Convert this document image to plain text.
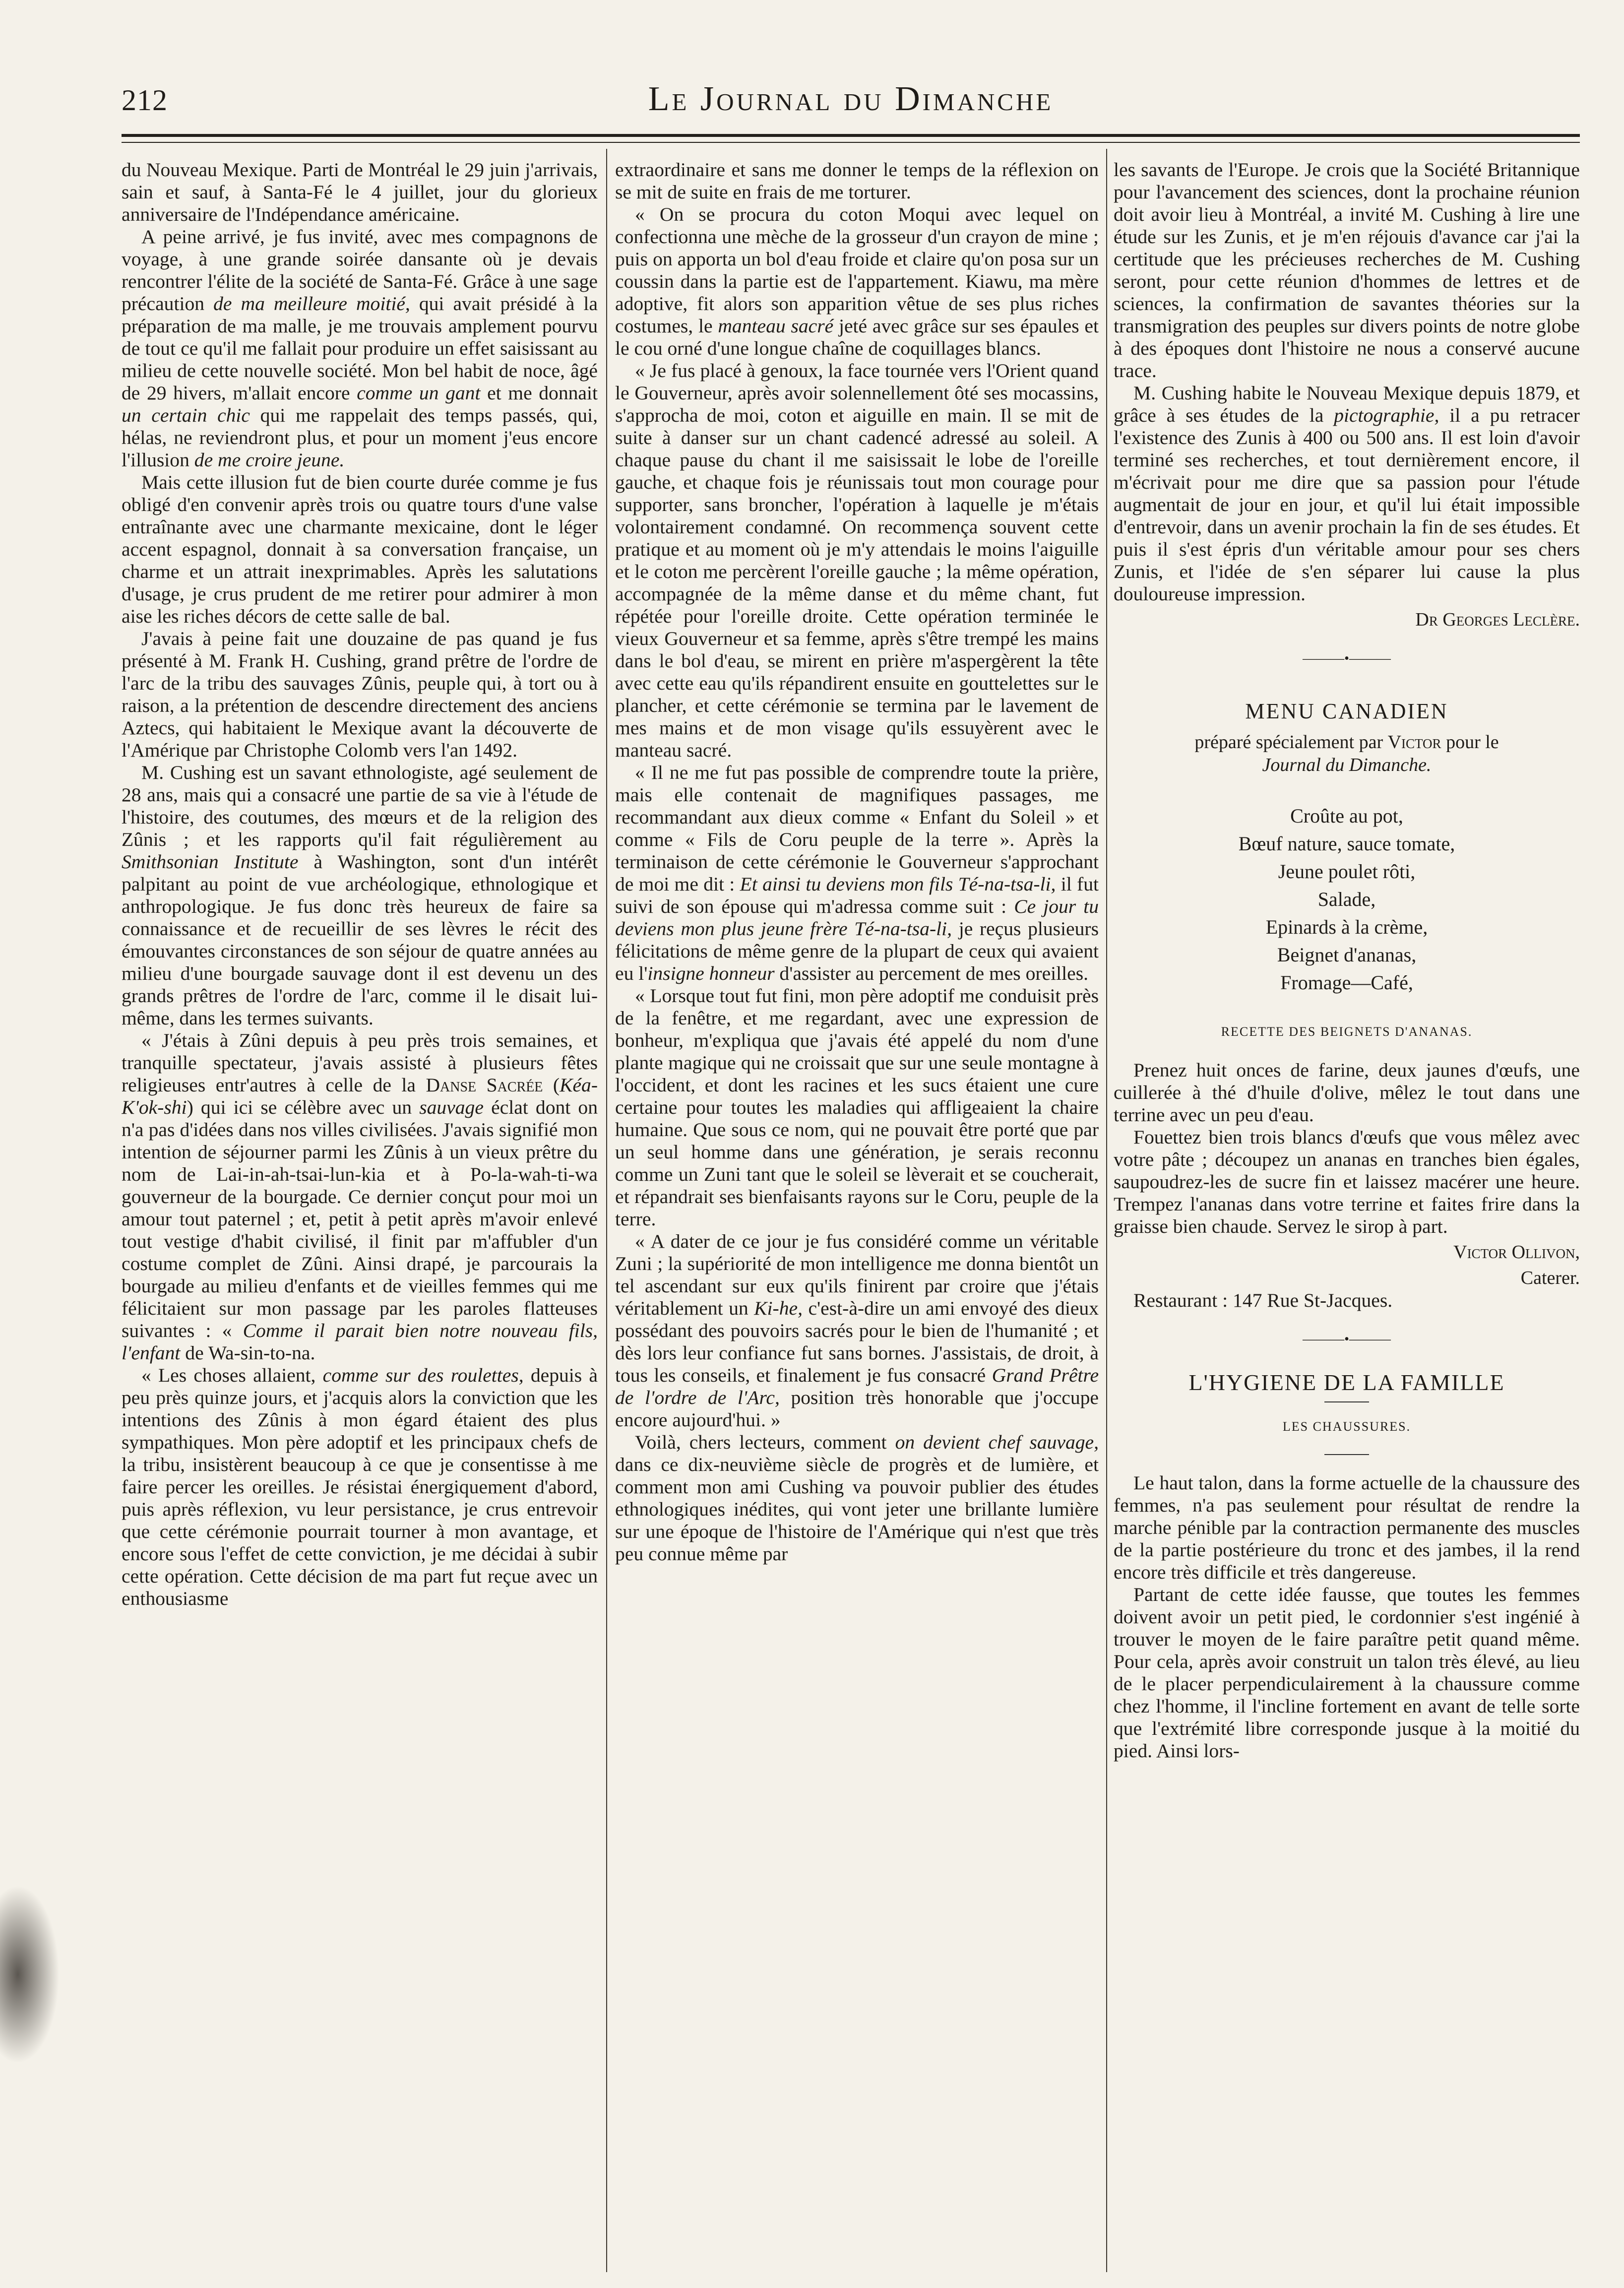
212	Le Journal du Dimanche

du Nouveau Mexique. Parti de Montréal le 29 juin j'arrivais, sain et sauf, à Santa-Fé le 4 juillet, jour du glorieux anniversaire de l'Indépendance américaine.

A peine arrivé, je fus invité, avec mes compagnons de voyage, à une grande soirée dansante où je devais rencontrer l'élite de la société de Santa-Fé. Grâce à une sage précaution de ma meilleure moitié, qui avait présidé à la préparation de ma malle, je me trouvais amplement pourvu de tout ce qu'il me fallait pour produire un effet saisissant au milieu de cette nouvelle société. Mon bel habit de noce, âgé de 29 hivers, m'allait encore comme un gant et me donnait un certain chic qui me rappelait des temps passés, qui, hélas, ne reviendront plus, et pour un moment j'eus encore l'illusion de me croire jeune.

Mais cette illusion fut de bien courte durée comme je fus obligé d'en convenir après trois ou quatre tours d'une valse entraînante avec une charmante mexicaine, dont le léger accent espagnol, donnait à sa conversation française, un charme et un attrait inexprimables. Après les salutations d'usage, je crus prudent de me retirer pour admirer à mon aise les riches décors de cette salle de bal.

J'avais à peine fait une douzaine de pas quand je fus présenté à M. Frank H. Cushing, grand prêtre de l'ordre de l'arc de la tribu des sauvages Zûnis, peuple qui, à tort ou à raison, a la prétention de descendre directement des anciens Aztecs, qui habitaient le Mexique avant la découverte de l'Amérique par Christophe Colomb vers l'an 1492.

M. Cushing est un savant ethnologiste, agé seulement de 28 ans, mais qui a consacré une partie de sa vie à l'étude de l'histoire, des coutumes, des mœurs et de la religion des Zûnis ; et les rapports qu'il fait régulièrement au Smithsonian Institute à Washington, sont d'un intérêt palpitant au point de vue archéologique, ethnologique et anthropologique. Je fus donc très heureux de faire sa connaissance et de recueillir de ses lèvres le récit des émouvantes circonstances de son séjour de quatre années au milieu d'une bourgade sauvage dont il est devenu un des grands prêtres de l'ordre de l'arc, comme il le disait lui-même, dans les termes suivants.

« J'étais à Zûni depuis à peu près trois semaines, et tranquille spectateur, j'avais assisté à plusieurs fêtes religieuses entr'autres à celle de la Danse Sacrée (Kéa-K'ok-shi) qui ici se célèbre avec un sauvage éclat dont on n'a pas d'idées dans nos villes civilisées. J'avais signifié mon intention de séjourner parmi les Zûnis à un vieux prêtre du nom de Lai-in-ah-tsai-lun-kia et à Po-la-wah-ti-wa gouverneur de la bourgade. Ce dernier conçut pour moi un amour tout paternel ; et, petit à petit après m'avoir enlevé tout vestige d'habit civilisé, il finit par m'affubler d'un costume complet de Zûni. Ainsi drapé, je parcourais la bourgade au milieu d'enfants et de vieilles femmes qui me félicitaient sur mon passage par les paroles flatteuses suivantes : « Comme il parait bien notre nouveau fils, l'enfant de Wa-sin-to-na.

« Les choses allaient, comme sur des roulettes, depuis à peu près quinze jours, et j'acquis alors la conviction que les intentions des Zûnis à mon égard étaient des plus sympathiques. Mon père adoptif et les principaux chefs de la tribu, insistèrent beaucoup à ce que je consentisse à me faire percer les oreilles. Je résistai énergiquement d'abord, puis après réflexion, vu leur persistance, je crus entrevoir que cette cérémonie pourrait tourner à mon avantage, et encore sous l'effet de cette conviction, je me décidai à subir cette opération. Cette décision de ma part fut reçue avec un enthousiasme

extraordinaire et sans me donner le temps de la réflexion on se mit de suite en frais de me torturer.

« On se procura du coton Moqui avec lequel on confectionna une mèche de la grosseur d'un crayon de mine ; puis on apporta un bol d'eau froide et claire qu'on posa sur un coussin dans la partie est de l'appartement. Kiawu, ma mère adoptive, fit alors son apparition vêtue de ses plus riches costumes, le manteau sacré jeté avec grâce sur ses épaules et le cou orné d'une longue chaîne de coquillages blancs.

« Je fus placé à genoux, la face tournée vers l'Orient quand le Gouverneur, après avoir solennellement ôté ses mocassins, s'approcha de moi, coton et aiguille en main. Il se mit de suite à danser sur un chant cadencé adressé au soleil. A chaque pause du chant il me saisissait le lobe de l'oreille gauche, et chaque fois je réunissais tout mon courage pour supporter, sans broncher, l'opération à laquelle je m'étais volontairement condamné. On recommença souvent cette pratique et au moment où je m'y attendais le moins l'aiguille et le coton me percèrent l'oreille gauche ; la même opération, accompagnée de la même danse et du même chant, fut répétée pour l'oreille droite. Cette opération terminée le vieux Gouverneur et sa femme, après s'être trempé les mains dans le bol d'eau, se mirent en prière m'aspergèrent la tête avec cette eau qu'ils répandirent ensuite en gouttelettes sur le plancher, et cette cérémonie se termina par le lavement de mes mains et de mon visage qu'ils essuyèrent avec le manteau sacré.

« Il ne me fut pas possible de comprendre toute la prière, mais elle contenait de magnifiques passages, me recommandant aux dieux comme « Enfant du Soleil » et comme « Fils de Coru peuple de la terre ». Après la terminaison de cette cérémonie le Gouverneur s'approchant de moi me dit : Et ainsi tu deviens mon fils Té-na-tsa-li, il fut suivi de son épouse qui m'adressa comme suit : Ce jour tu deviens mon plus jeune frère Té-na-tsa-li, je reçus plusieurs félicitations de même genre de la plupart de ceux qui avaient eu l'insigne honneur d'assister au percement de mes oreilles.

« Lorsque tout fut fini, mon père adoptif me conduisit près de la fenêtre, et me regardant, avec une expression de bonheur, m'expliqua que j'avais été appelé du nom d'une plante magique qui ne croissait que sur une seule montagne à l'occident, et dont les racines et les sucs étaient une cure certaine pour toutes les maladies qui affligeaient la chaire humaine. Que sous ce nom, qui ne pouvait être porté que par un seul homme dans une génération, je serais reconnu comme un Zuni tant que le soleil se lèverait et se coucherait, et répandrait ses bienfaisants rayons sur le Coru, peuple de la terre.

« A dater de ce jour je fus considéré comme un véritable Zuni ; la supériorité de mon intelligence me donna bientôt un tel ascendant sur eux qu'ils finirent par croire que j'étais véritablement un Ki-he, c'est-à-dire un ami envoyé des dieux possédant des pouvoirs sacrés pour le bien de l'humanité ; et dès lors leur confiance fut sans bornes. J'assistais, de droit, à tous les conseils, et finalement je fus consacré Grand Prêtre de l'ordre de l'Arc, position très honorable que j'occupe encore aujourd'hui. »

Voilà, chers lecteurs, comment on devient chef sauvage, dans ce dix-neuvième siècle de progrès et de lumière, et comment mon ami Cushing va pouvoir publier des études ethnologiques inédites, qui vont jeter une brillante lumière sur une époque de l'histoire de l'Amérique qui n'est que très peu connue même par

les savants de l'Europe. Je crois que la Société Britannique pour l'avancement des sciences, dont la prochaine réunion doit avoir lieu à Montréal, a invité M. Cushing à lire une étude sur les Zunis, et je m'en réjouis d'avance car j'ai la certitude que les précieuses recherches de M. Cushing seront, pour cette réunion d'hommes de lettres et de sciences, la confirmation de savantes théories sur la transmigration des peuples sur divers points de notre globe à des époques dont l'histoire ne nous a conservé aucune trace.

M. Cushing habite le Nouveau Mexique depuis 1879, et grâce à ses études de la pictographie, il a pu retracer l'existence des Zunis à 400 ou 500 ans. Il est loin d'avoir terminé ses recherches, et tout dernièrement encore, il m'écrivait pour me dire que sa passion pour l'étude augmentait de jour en jour, et qu'il lui était impossible d'entrevoir, dans un avenir prochain la fin de ses études. Et puis il s'est épris d'un véritable amour pour ses chers Zunis, et l'idée de s'en séparer lui cause la plus douloureuse impression.

Dr Georges Leclère.

———•———

MENU CANADIEN

préparé spécialement par Victor pour le

Journal du Dimanche.

Croûte au pot,

Bœuf nature, sauce tomate,

Jeune poulet rôti,

Salade,

Epinards à la crème,

Beignet d'ananas,

Fromage—Café,

RECETTE DES BEIGNETS D'ANANAS.

Prenez huit onces de farine, deux jaunes d'œufs, une cuillerée à thé d'huile d'olive, mêlez le tout dans une terrine avec un peu d'eau.

Fouettez bien trois blancs d'œufs que vous mêlez avec votre pâte ; découpez un ananas en tranches bien égales, saupoudrez-les de sucre fin et laissez macérer une heure. Trempez l'ananas dans votre terrine et faites frire dans la graisse bien chaude. Servez le sirop à part.

Victor Ollivon,

Caterer.

Restaurant : 147 Rue St-Jacques.

———•———

L'HYGIENE DE LA FAMILLE

LES CHAUSSURES.

Le haut talon, dans la forme actuelle de la chaussure des femmes, n'a pas seulement pour résultat de rendre la marche pénible par la contraction permanente des muscles de la partie postérieure du tronc et des jambes, il la rend encore très difficile et très dangereuse.

Partant de cette idée fausse, que toutes les femmes doivent avoir un petit pied, le cordonnier s'est ingénié à trouver le moyen de le faire paraître petit quand même. Pour cela, après avoir construit un talon très élevé, au lieu de le placer perpendiculairement à la chaussure comme chez l'homme, il l'incline fortement en avant de telle sorte que l'extrémité libre corresponde jusque à la moitié du pied. Ainsi lors-
